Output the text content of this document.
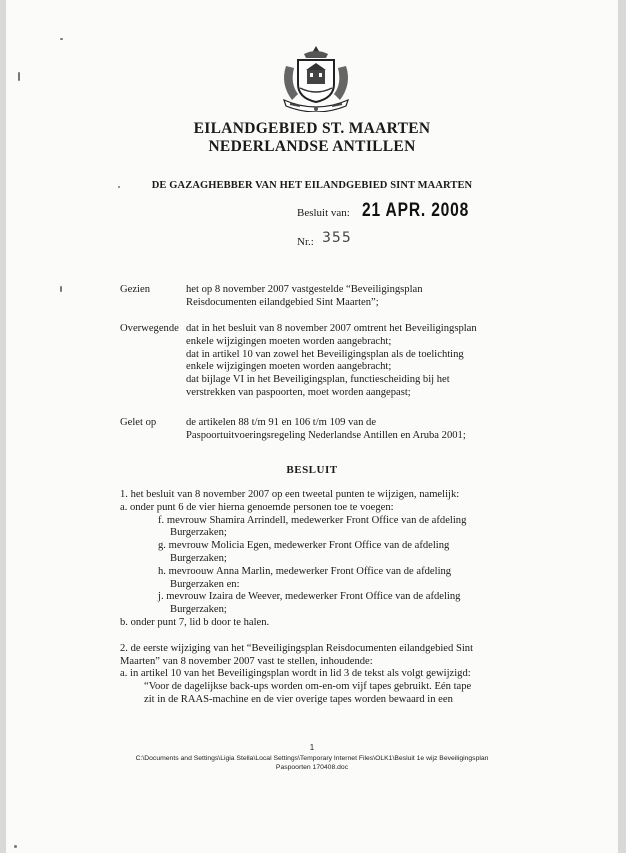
EILANDGEBIED ST. MAARTEN
NEDERLANDSE ANTILLEN
DE GAZAGHEBBER VAN HET EILANDGEBIED SINT MAARTEN
Besluit van: 21 APR. 2008
Nr.: 355
Gezien	het op 8 november 2007 vastgestelde “Beveiligingsplan
Reisdocumenten eilandgebied Sint Maarten”;
Overwegende dat in het besluit van 8 november 2007 omtrent het Beveiligingsplan
enkele wijzigingen moeten worden aangebracht;
dat in artikel 10 van zowel het Beveiligingsplan als de toelichting
enkele wijzigingen moeten worden aangebracht;
dat bijlage VI in het Beveiligingsplan, functiescheiding bij het
verstrekken van paspoorten, moet worden aangepast;
Gelet op	de artikelen 88 t/m 91 en 106 t/m 109 van de
Paspoortuitvoeringsregeling Nederlandse Antillen en Aruba 2001;
BESLUIT
1. het besluit van 8 november 2007 op een tweetal punten te wijzigen, namelijk:
a. onder punt 6 de vier hierna genoemde personen toe te voegen:
f. mevrouw Shamira Arrindell, medewerker Front Office van de afdeling
Burgerzaken;
g. mevrouw Molicia Egen, medewerker Front Office van de afdeling
Burgerzaken;
h. mevroouw Anna Marlin, medewerker Front Office van de afdeling
Burgerzaken en:
j. mevrouw Izaira de Weever, medewerker Front Office van de afdeling
Burgerzaken;
b. onder punt 7, lid b door te halen.
2. de eerste wijziging van het “Beveiligingsplan Reisdocumenten eilandgebied Sint
Maarten” van 8 november 2007 vast te stellen, inhoudende:
a. in artikel 10 van het Beveiligingsplan wordt in lid 3 de tekst als volgt gewijzigd:
“Voor de dagelijkse back-ups worden om-en-om vijf tapes gebruikt. Eén tape
zit in de RAAS-machine en de vier overige tapes worden bewaard in een
1
C:\Documents and Settings\Ligia Stella\Local Settings\Temporary Internet Files\OLK1\Besluit 1e wijz Beveiligingsplan
Paspoorten 170408.doc
